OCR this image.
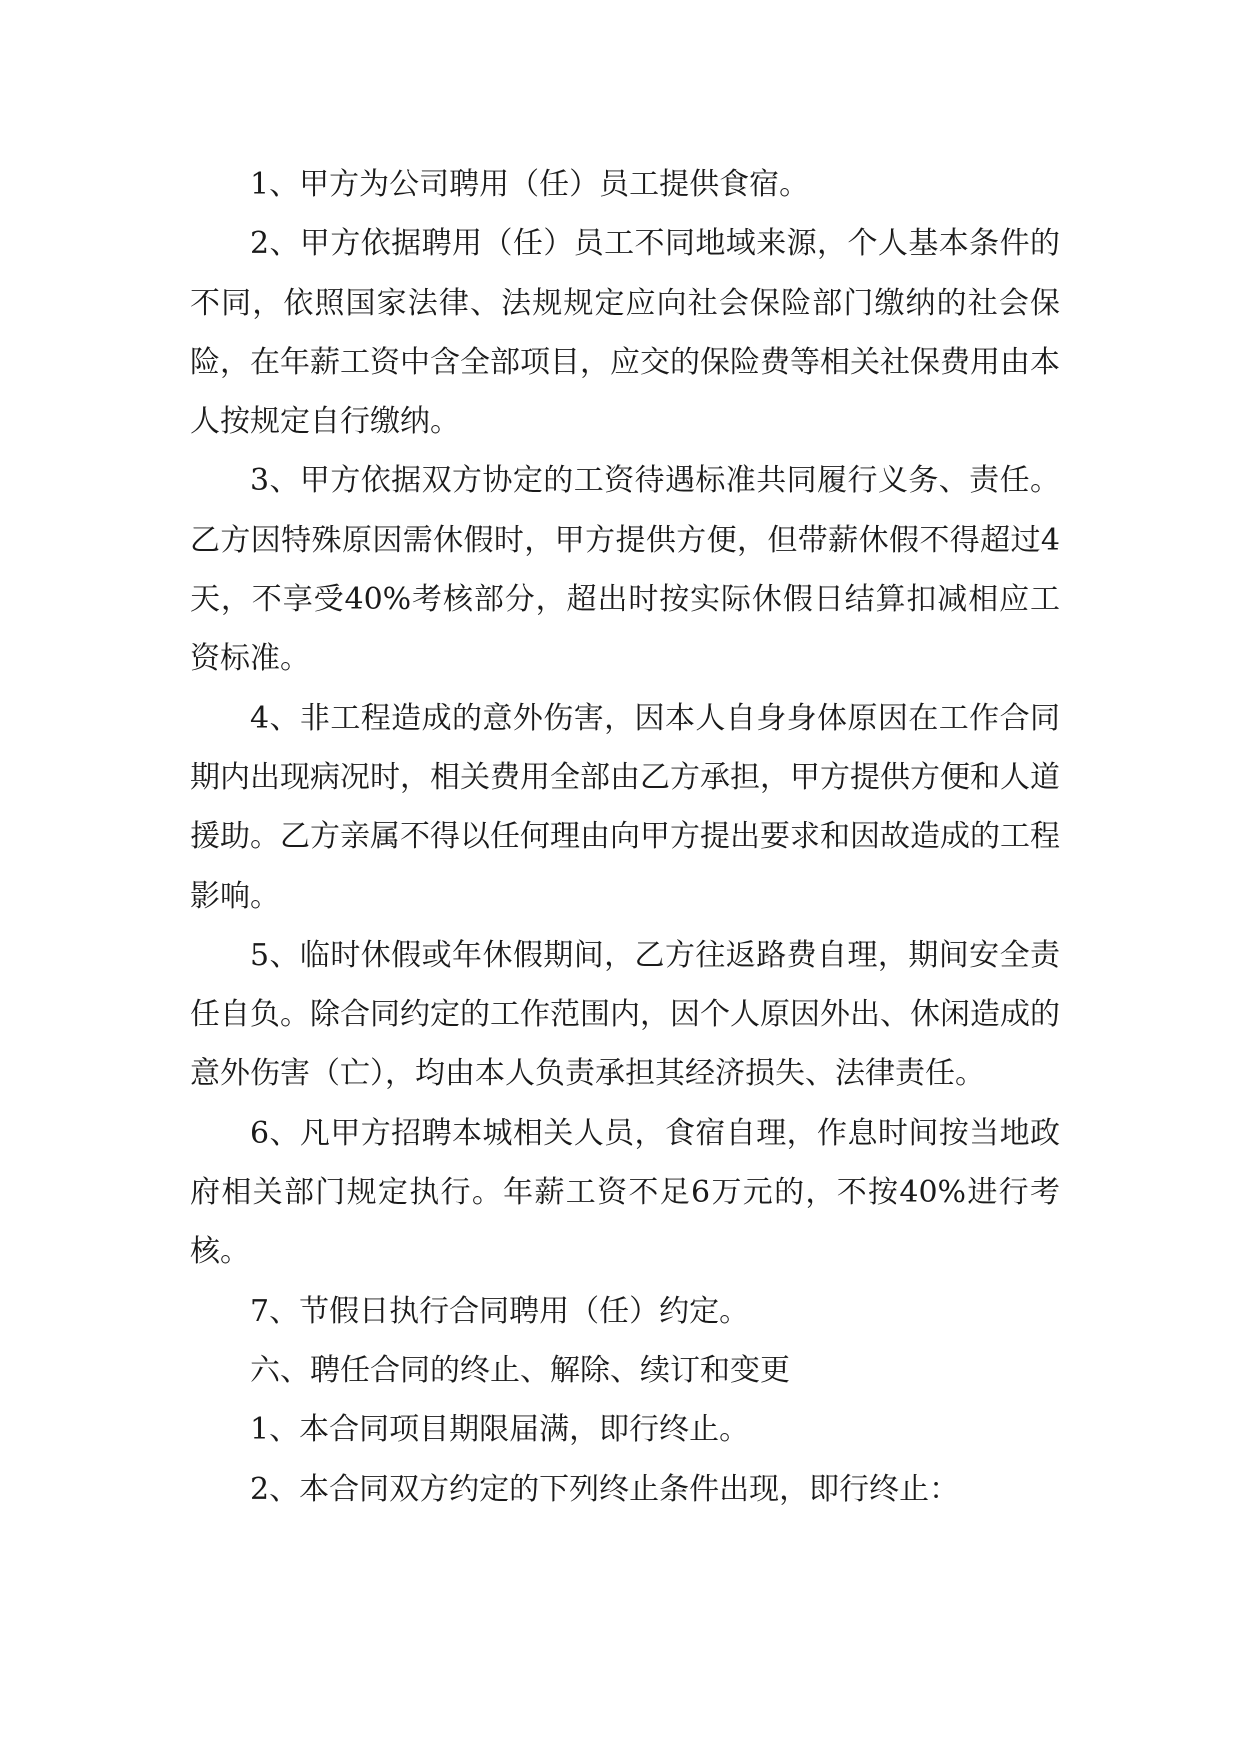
1、甲方为公司聘用（任）员工提供食宿。

2、甲方依据聘用（任）员工不同地域来源，个人基本条件的不同，依照国家法律、法规规定应向社会保险部门缴纳的社会保险，在年薪工资中含全部项目，应交的保险费等相关社保费用由本人按规定自行缴纳。

3、甲方依据双方协定的工资待遇标准共同履行义务、责任。乙方因特殊原因需休假时，甲方提供方便，但带薪休假不得超过4天，不享受40%考核部分，超出时按实际休假日结算扣减相应工资标准。

4、非工程造成的意外伤害，因本人自身身体原因在工作合同期内出现病况时，相关费用全部由乙方承担，甲方提供方便和人道援助。乙方亲属不得以任何理由向甲方提出要求和因故造成的工程影响。

5、临时休假或年休假期间，乙方往返路费自理，期间安全责任自负。除合同约定的工作范围内，因个人原因外出、休闲造成的意外伤害（亡），均由本人负责承担其经济损失、法律责任。

6、凡甲方招聘本城相关人员，食宿自理，作息时间按当地政府相关部门规定执行。年薪工资不足6万元的，不按40%进行考核。

7、节假日执行合同聘用（任）约定。

六、聘任合同的终止、解除、续订和变更

1、本合同项目期限届满，即行终止。

2、本合同双方约定的下列终止条件出现，即行终止：
